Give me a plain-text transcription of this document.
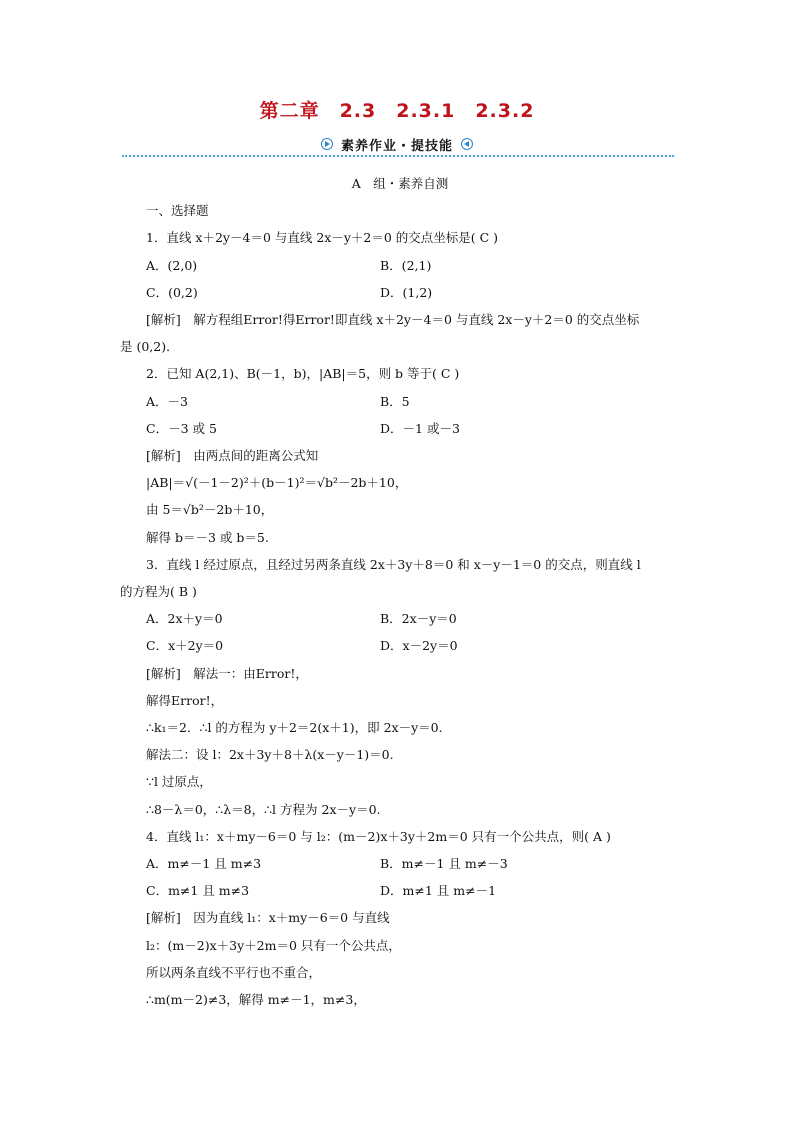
第二章　2.3　2.3.1　2.3.2
素养作业・提技能
A　组・素养自测
一、选择题
1．直线 x＋2y－4＝0 与直线 2x－y＋2＝0 的交点坐标是( C )
A．(2,0)	B．(2,1)
C．(0,2)	D．(1,2)
[解析]　解方程组Error!得Error!即直线 x＋2y－4＝0 与直线 2x－y＋2＝0 的交点坐标
是 (0,2)．
2．已知 A(2,1)、B(－1，b)，|AB|＝5，则 b 等于( C )
A．－3	B．5
C．－3 或 5	D．－1 或－3
[解析]　由两点间的距离公式知
|AB|＝√(－1－2)²＋(b－1)²＝√b²－2b＋10，
由 5＝√b²－2b＋10，
解得 b＝－3 或 b＝5.
3．直线 l 经过原点，且经过另两条直线 2x＋3y＋8＝0 和 x－y－1＝0 的交点，则直线 l
的方程为( B )
A．2x＋y＝0	B．2x－y＝0
C．x＋2y＝0	D．x－2y＝0
[解析]　解法一：由Error!，
解得Error!，
∴k₁＝2．∴l 的方程为 y＋2＝2(x＋1)，即 2x－y＝0.
解法二：设 l：2x＋3y＋8＋λ(x－y－1)＝0.
∵l 过原点，
∴8－λ＝0，∴λ＝8，∴l 方程为 2x－y＝0.
4．直线 l₁：x＋my－6＝0 与 l₂：(m－2)x＋3y＋2m＝0 只有一个公共点，则( A )
A．m≠－1 且 m≠3	B．m≠－1 且 m≠－3
C．m≠1 且 m≠3	D．m≠1 且 m≠－1
[解析]　因为直线 l₁：x＋my－6＝0 与直线
l₂：(m－2)x＋3y＋2m＝0 只有一个公共点，
所以两条直线不平行也不重合，
∴m(m－2)≠3，解得 m≠－1，m≠3，
